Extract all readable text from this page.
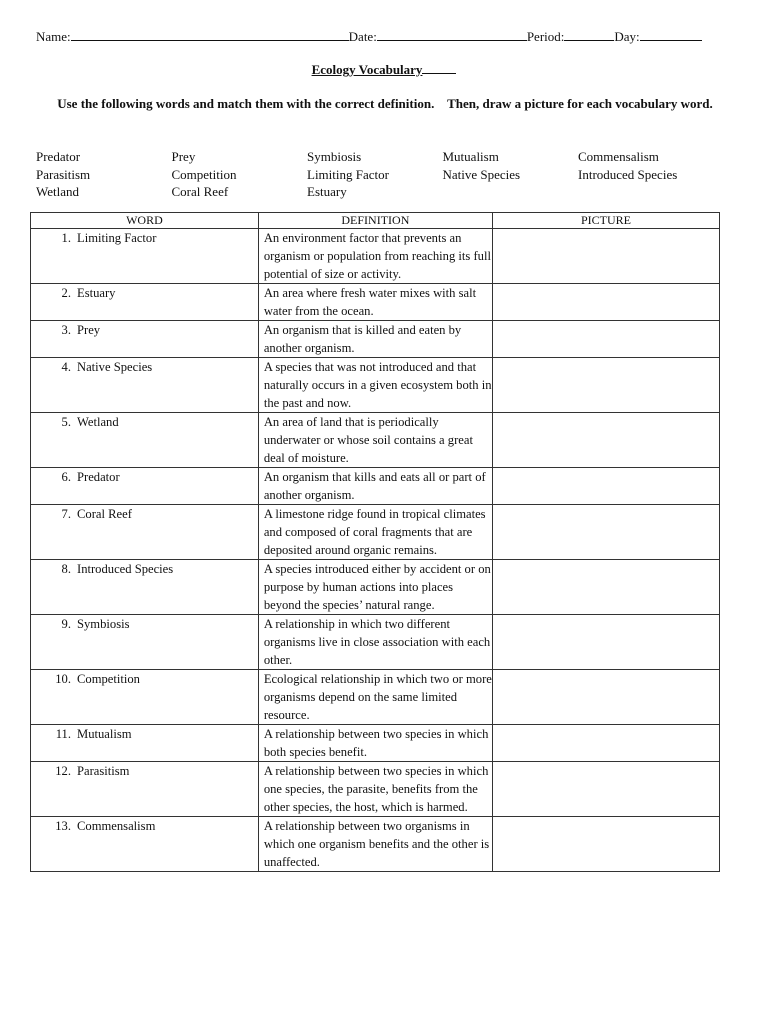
Name:	Date:	Period:	Day:
Ecology Vocabulary
Use the following words and match them with the correct definition.    Then, draw a picture for each vocabulary word.
Predator	Prey	Symbiosis	Mutualism	Commensalism
Parasitism	Competition	Limiting Factor	Native Species	Introduced Species
Wetland	Coral Reef	Estuary
WORD	DEFINITION	PICTURE

1. Limiting Factor	An environment factor that prevents an organism or population from reaching its full potential of size or activity.	

2. Estuary	An area where fresh water mixes with salt water from the ocean.	

3. Prey	An organism that is killed and eaten by another organism.	

4. Native Species	A species that was not introduced and that naturally occurs in a given ecosystem both in the past and now.	

5. Wetland	An area of land that is periodically underwater or whose soil contains a great deal of moisture.	

6. Predator	An organism that kills and eats all or part of another organism.	

7. Coral Reef	A limestone ridge found in tropical climates and composed of coral fragments that are deposited around organic remains.	

8. Introduced Species	A species introduced either by accident or on purpose by human actions into places beyond the species’ natural range.	

9. Symbiosis	A relationship in which two different organisms live in close association with each other.	

10. Competition	Ecological relationship in which two or more organisms depend on the same limited resource.	

11. Mutualism	A relationship between two species in which both species benefit.	

12. Parasitism	A relationship between two species in which one species, the parasite, benefits from the other species, the host, which is harmed.	

13. Commensalism	A relationship between two organisms in which one organism benefits and the other is unaffected.	
